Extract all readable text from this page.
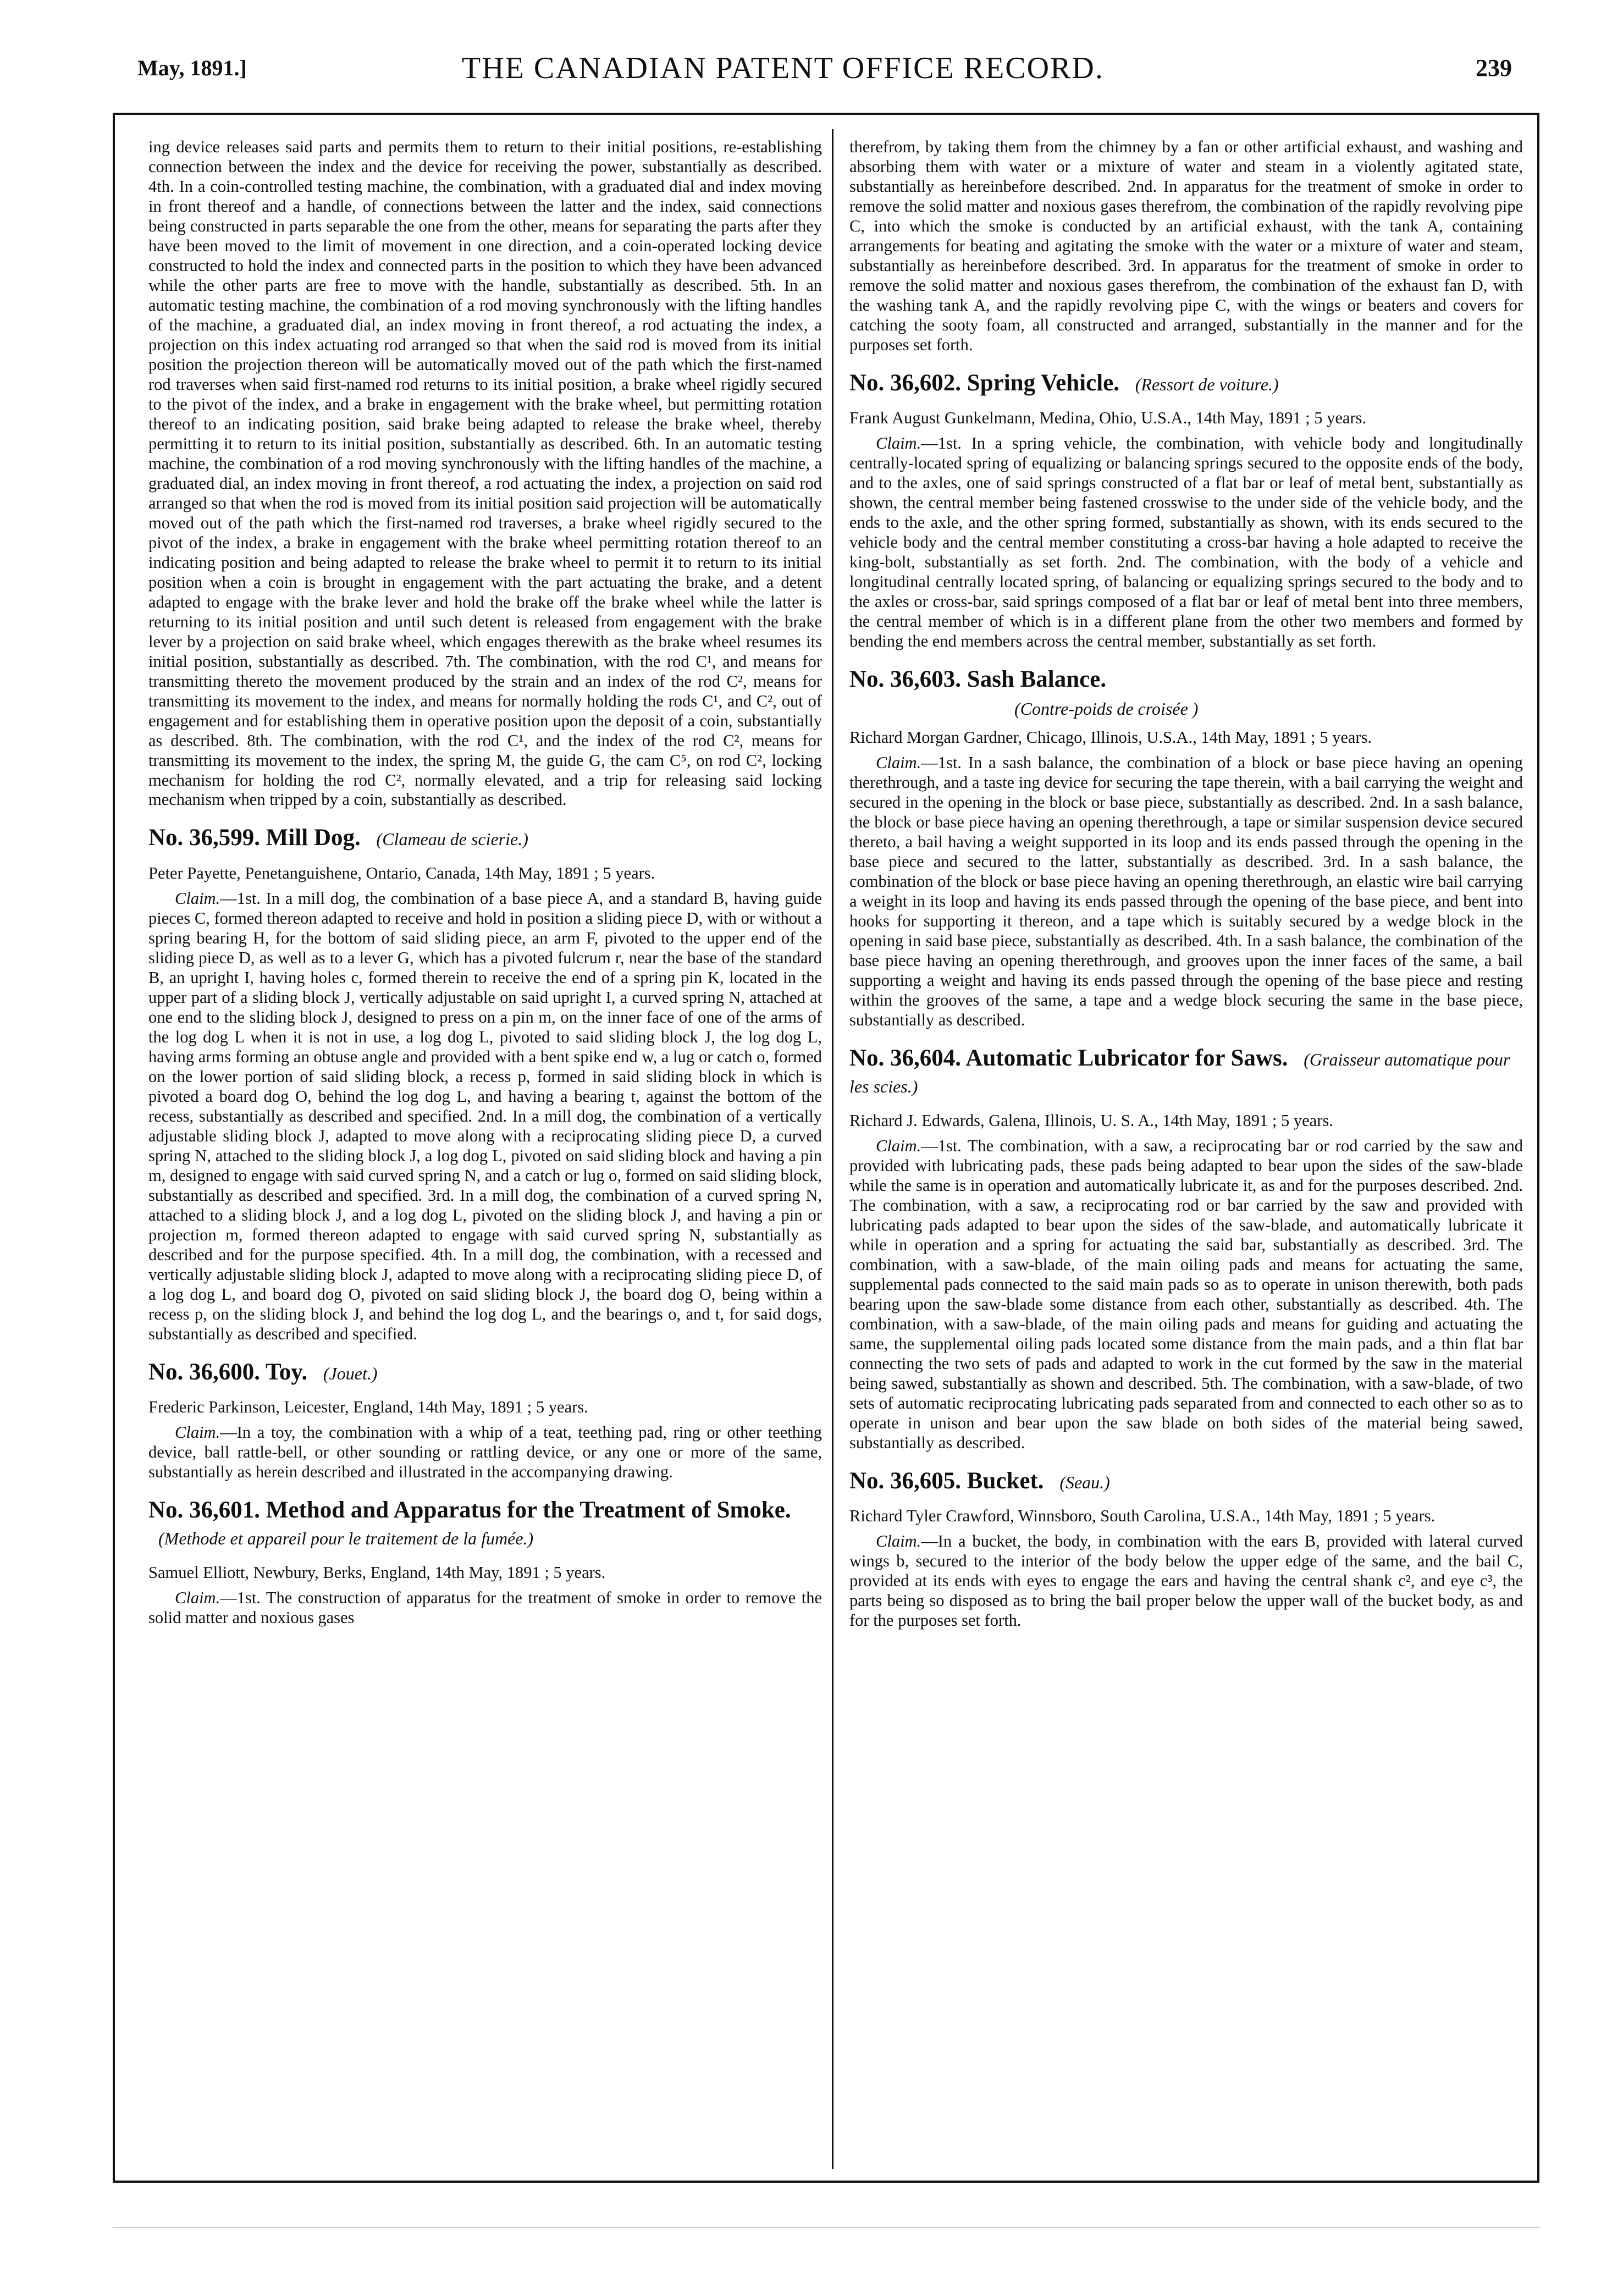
May, 1891.]	THE CANADIAN PATENT OFFICE RECORD.	239

ing device releases said parts and permits them to return to their initial positions, re-establishing connection between the index and the device for receiving the power, substantially as described. 4th. In a coin-controlled testing machine, the combination, with a graduated dial and index moving in front thereof and a handle, of connections between the latter and the index, said connections being constructed in parts separable the one from the other, means for separating the parts after they have been moved to the limit of movement in one direction, and a coin-operated locking device constructed to hold the index and connected parts in the position to which they have been advanced while the other parts are free to move with the handle, substantially as described. 5th. In an automatic testing machine, the combination of a rod moving synchronously with the lifting handles of the machine, a graduated dial, an index moving in front thereof, a rod actuating the index, a projection on this index actuating rod arranged so that when the said rod is moved from its initial position the projection thereon will be automatically moved out of the path which the first-named rod traverses when said first-named rod returns to its initial position, a brake wheel rigidly secured to the pivot of the index, and a brake in engagement with the brake wheel, but permitting rotation thereof to an indicating position, said brake being adapted to release the brake wheel, thereby permitting it to return to its initial position, substantially as described. 6th. In an automatic testing machine, the combination of a rod moving synchronously with the lifting handles of the machine, a graduated dial, an index moving in front thereof, a rod actuating the index, a projection on said rod arranged so that when the rod is moved from its initial position said projection will be automatically moved out of the path which the first-named rod traverses, a brake wheel rigidly secured to the pivot of the index, a brake in engagement with the brake wheel permitting rotation thereof to an indicating position and being adapted to release the brake wheel to permit it to return to its initial position when a coin is brought in engagement with the part actuating the brake, and a detent adapted to engage with the brake lever and hold the brake off the brake wheel while the latter is returning to its initial position and until such detent is released from engagement with the brake lever by a projection on said brake wheel, which engages therewith as the brake wheel resumes its initial position, substantially as described. 7th. The combination, with the rod C¹, and means for transmitting thereto the movement produced by the strain and an index of the rod C², means for transmitting its movement to the index, and means for normally holding the rods C¹, and C², out of engagement and for establishing them in operative position upon the deposit of a coin, substantially as described. 8th. The combination, with the rod C¹, and the index of the rod C², means for transmitting its movement to the index, the spring M, the guide G, the cam C⁵, on rod C², locking mechanism for holding the rod C², normally elevated, and a trip for releasing said locking mechanism when tripped by a coin, substantially as described.

No. 36,599. Mill Dog. (Clameau de scierie.)

Peter Payette, Penetanguishene, Ontario, Canada, 14th May, 1891 ; 5 years.

Claim.—1st. In a mill dog, the combination of a base piece A, and a standard B, having guide pieces C, formed thereon adapted to receive and hold in position a sliding piece D, with or without a spring bearing H, for the bottom of said sliding piece, an arm F, pivoted to the upper end of the sliding piece D, as well as to a lever G, which has a pivoted fulcrum r, near the base of the standard B, an upright I, having holes c, formed therein to receive the end of a spring pin K, located in the upper part of a sliding block J, vertically adjustable on said upright I, a curved spring N, attached at one end to the sliding block J, designed to press on a pin m, on the inner face of one of the arms of the log dog L when it is not in use, a log dog L, pivoted to said sliding block J, the log dog L, having arms forming an obtuse angle and provided with a bent spike end w, a lug or catch o, formed on the lower portion of said sliding block, a recess p, formed in said sliding block in which is pivoted a board dog O, behind the log dog L, and having a bearing t, against the bottom of the recess, substantially as described and specified. 2nd. In a mill dog, the combination of a vertically adjustable sliding block J, adapted to move along with a reciprocating sliding piece D, a curved spring N, attached to the sliding block J, a log dog L, pivoted on said sliding block and having a pin m, designed to engage with said curved spring N, and a catch or lug o, formed on said sliding block, substantially as described and specified. 3rd. In a mill dog, the combination of a curved spring N, attached to a sliding block J, and a log dog L, pivoted on the sliding block J, and having a pin or projection m, formed thereon adapted to engage with said curved spring N, substantially as described and for the purpose specified. 4th. In a mill dog, the combination, with a recessed and vertically adjustable sliding block J, adapted to move along with a reciprocating sliding piece D, of a log dog L, and board dog O, pivoted on said sliding block J, the board dog O, being within a recess p, on the sliding block J, and behind the log dog L, and the bearings o, and t, for said dogs, substantially as described and specified.

No. 36,600. Toy. (Jouet.)

Frederic Parkinson, Leicester, England, 14th May, 1891 ; 5 years.

Claim.—In a toy, the combination with a whip of a teat, teething pad, ring or other teething device, ball rattle-bell, or other sounding or rattling device, or any one or more of the same, substantially as herein described and illustrated in the accompanying drawing.

No. 36,601. Method and Apparatus for the Treatment of Smoke. (Methode et appareil pour le traitement de la fumée.)

Samuel Elliott, Newbury, Berks, England, 14th May, 1891 ; 5 years.

Claim.—1st. The construction of apparatus for the treatment of smoke in order to remove the solid matter and noxious gases

therefrom, by taking them from the chimney by a fan or other artificial exhaust, and washing and absorbing them with water or a mixture of water and steam in a violently agitated state, substantially as hereinbefore described. 2nd. In apparatus for the treatment of smoke in order to remove the solid matter and noxious gases therefrom, the combination of the rapidly revolving pipe C, into which the smoke is conducted by an artificial exhaust, with the tank A, containing arrangements for beating and agitating the smoke with the water or a mixture of water and steam, substantially as hereinbefore described. 3rd. In apparatus for the treatment of smoke in order to remove the solid matter and noxious gases therefrom, the combination of the exhaust fan D, with the washing tank A, and the rapidly revolving pipe C, with the wings or beaters and covers for catching the sooty foam, all constructed and arranged, substantially in the manner and for the purposes set forth.

No. 36,602. Spring Vehicle. (Ressort de voiture.)

Frank August Gunkelmann, Medina, Ohio, U.S.A., 14th May, 1891 ; 5 years.

Claim.—1st. In a spring vehicle, the combination, with vehicle body and longitudinally centrally-located spring of equalizing or balancing springs secured to the opposite ends of the body, and to the axles, one of said springs constructed of a flat bar or leaf of metal bent, substantially as shown, the central member being fastened crosswise to the under side of the vehicle body, and the ends to the axle, and the other spring formed, substantially as shown, with its ends secured to the vehicle body and the central member constituting a cross-bar having a hole adapted to receive the king-bolt, substantially as set forth. 2nd. The combination, with the body of a vehicle and longitudinal centrally located spring, of balancing or equalizing springs secured to the body and to the axles or cross-bar, said springs composed of a flat bar or leaf of metal bent into three members, the central member of which is in a different plane from the other two members and formed by bending the end members across the central member, substantially as set forth.

No. 36,603. Sash Balance.
(Contre-poids de croisée )

Richard Morgan Gardner, Chicago, Illinois, U.S.A., 14th May, 1891 ; 5 years.

Claim.—1st. In a sash balance, the combination of a block or base piece having an opening therethrough, and a taste ing device for securing the tape therein, with a bail carrying the weight and secured in the opening in the block or base piece, substantially as described. 2nd. In a sash balance, the block or base piece having an opening therethrough, a tape or similar suspension device secured thereto, a bail having a weight supported in its loop and its ends passed through the opening in the base piece and secured to the latter, substantially as described. 3rd. In a sash balance, the combination of the block or base piece having an opening therethrough, an elastic wire bail carrying a weight in its loop and having its ends passed through the opening of the base piece, and bent into hooks for supporting it thereon, and a tape which is suitably secured by a wedge block in the opening in said base piece, substantially as described. 4th. In a sash balance, the combination of the base piece having an opening therethrough, and grooves upon the inner faces of the same, a bail supporting a weight and having its ends passed through the opening of the base piece and resting within the grooves of the same, a tape and a wedge block securing the same in the base piece, substantially as described.

No. 36,604. Automatic Lubricator for Saws. (Graisseur automatique pour les scies.)

Richard J. Edwards, Galena, Illinois, U. S. A., 14th May, 1891 ; 5 years.

Claim.—1st. The combination, with a saw, a reciprocating bar or rod carried by the saw and provided with lubricating pads, these pads being adapted to bear upon the sides of the saw-blade while the same is in operation and automatically lubricate it, as and for the purposes described. 2nd. The combination, with a saw, a reciprocating rod or bar carried by the saw and provided with lubricating pads adapted to bear upon the sides of the saw-blade, and automatically lubricate it while in operation and a spring for actuating the said bar, substantially as described. 3rd. The combination, with a saw-blade, of the main oiling pads and means for actuating the same, supplemental pads connected to the said main pads so as to operate in unison therewith, both pads bearing upon the saw-blade some distance from each other, substantially as described. 4th. The combination, with a saw-blade, of the main oiling pads and means for guiding and actuating the same, the supplemental oiling pads located some distance from the main pads, and a thin flat bar connecting the two sets of pads and adapted to work in the cut formed by the saw in the material being sawed, substantially as shown and described. 5th. The combination, with a saw-blade, of two sets of automatic reciprocating lubricating pads separated from and connected to each other so as to operate in unison and bear upon the saw blade on both sides of the material being sawed, substantially as described.

No. 36,605. Bucket. (Seau.)

Richard Tyler Crawford, Winnsboro, South Carolina, U.S.A., 14th May, 1891 ; 5 years.

Claim.—In a bucket, the body, in combination with the ears B, provided with lateral curved wings b, secured to the interior of the body below the upper edge of the same, and the bail C, provided at its ends with eyes to engage the ears and having the central shank c², and eye c³, the parts being so disposed as to bring the bail proper below the upper wall of the bucket body, as and for the purposes set forth.
